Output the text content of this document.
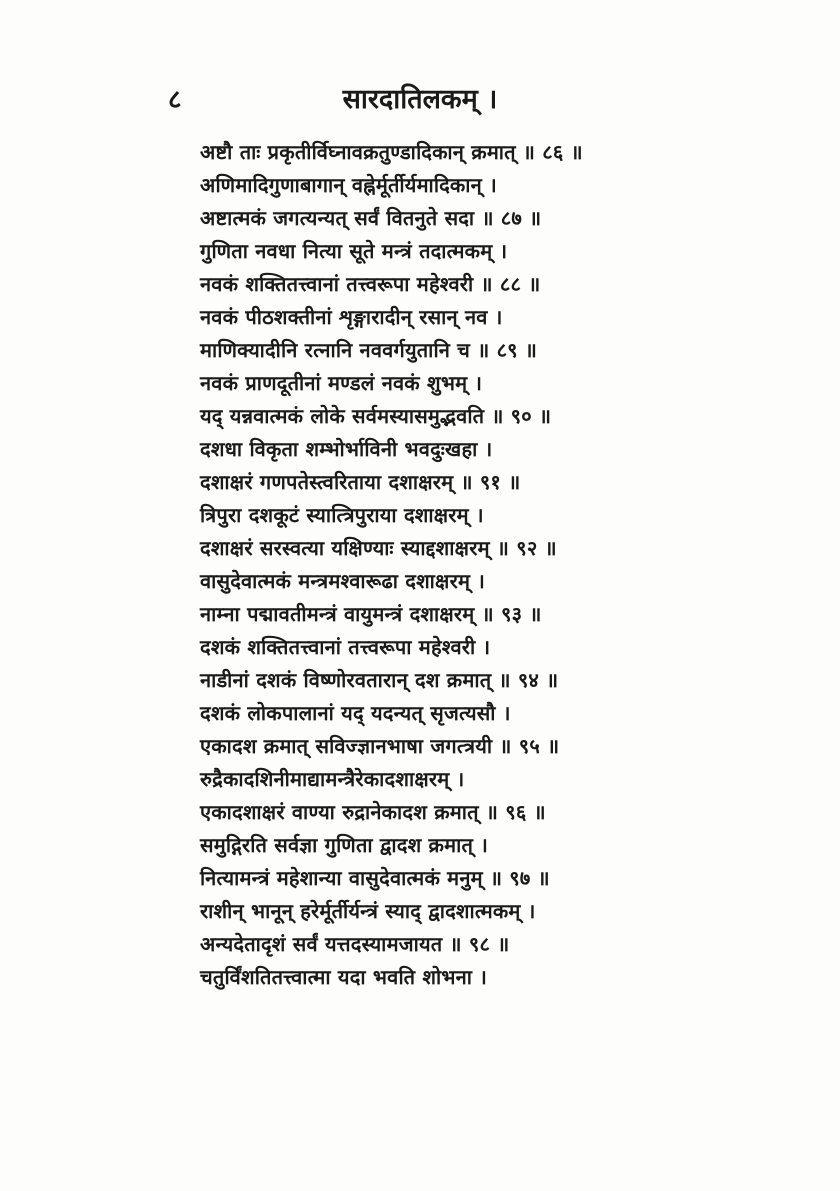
८	सारदातिलकम् ।
अष्टौ ताः प्रकृतीर्विघ्नावक्रतुण्डादिकान् क्रमात् ॥ ८६ ॥
अणिमादिगुणाबागान् वह्नेर्मूर्तीर्यमादिकान् ।
अष्टात्मकं जगत्यन्यत् सर्वं वितनुते सदा ॥ ८७ ॥
गुणिता नवधा नित्या सूते मन्त्रं तदात्मकम् ।
नवकं शक्तितत्त्वानां तत्त्वरूपा महेश्वरी ॥ ८८ ॥
नवकं पीठशक्तीनां शृङ्गारादीन् रसान् नव ।
माणिक्यादीनि रत्नानि नववर्गयुतानि च ॥ ८९ ॥
नवकं प्राणदूतीनां मण्डलं नवकं शुभम् ।
यद् यन्नवात्मकं लोके सर्वमस्यासमुद्भवति ॥ ९० ॥
दशधा विकृता शम्भोर्भाविनी भवदुःखहा ।
दशाक्षरं गणपतेस्त्वरिताया दशाक्षरम् ॥ ९१ ॥
त्रिपुरा दशकूटं स्यात्त्रिपुराया दशाक्षरम् ।
दशाक्षरं सरस्वत्या यक्षिण्याः स्याद्दशाक्षरम् ॥ ९२ ॥
वासुदेवात्मकं मन्त्रमश्वारूढा दशाक्षरम् ।
नाम्ना पद्मावतीमन्त्रं वायुमन्त्रं दशाक्षरम् ॥ ९३ ॥
दशकं शक्तितत्त्वानां तत्त्वरूपा महेश्वरी ।
नाडीनां दशकं विष्णोरवतारान् दश क्रमात् ॥ ९४ ॥
दशकं लोकपालानां यद् यदन्यत् सृजत्यसौ ।
एकादश क्रमात् सविज्ज्ञानभाषा जगत्त्रयी ॥ ९५ ॥
रुद्रैकादशिनीमाद्यामन्त्रैरेकादशाक्षरम् ।
एकादशाक्षरं वाण्या रुद्रानेकादश क्रमात् ॥ ९६ ॥
समुद्गिरति सर्वज्ञा गुणिता द्वादश क्रमात् ।
नित्यामन्त्रं महेशान्या वासुदेवात्मकं मनुम् ॥ ९७ ॥
राशीन् भानून् हरेर्मूर्तीर्यन्त्रं स्याद् द्वादशात्मकम् ।
अन्यदेतादृशं सर्वं यत्तदस्यामजायत ॥ ९८ ॥
चतुर्विंशतितत्त्वात्मा यदा भवति शोभना ।
